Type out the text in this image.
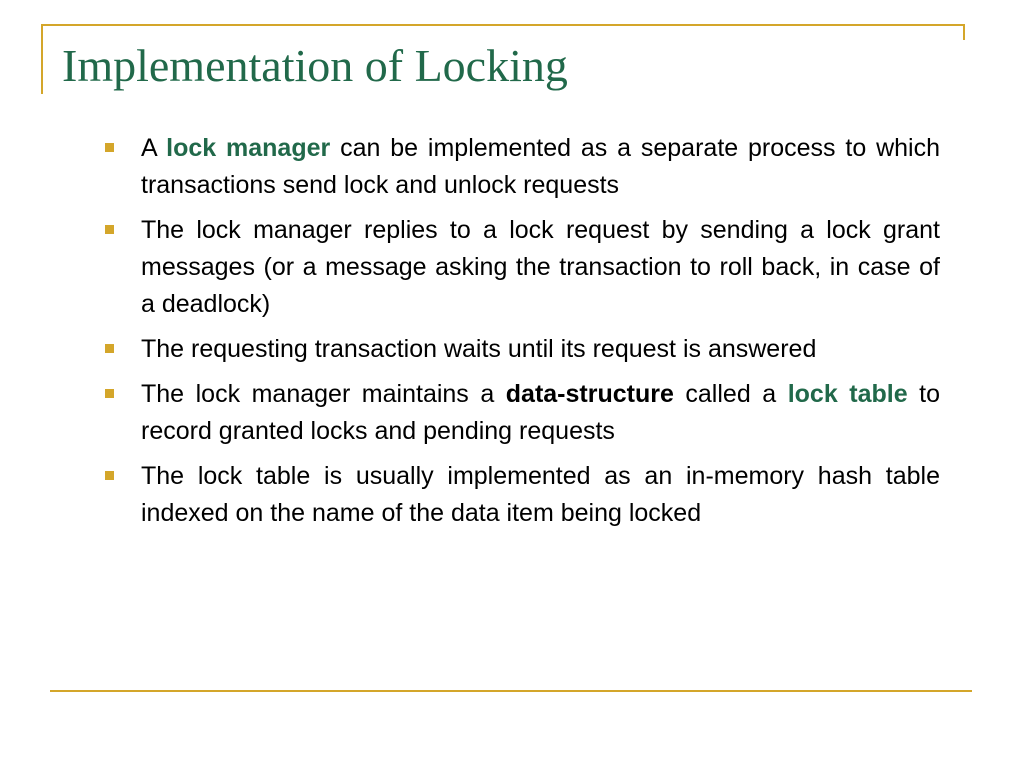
Implementation of Locking
A lock manager can be implemented as a separate process to which transactions send lock and unlock requests
The lock manager replies to a lock request by sending a lock grant messages (or a message asking the transaction to roll back, in case of a deadlock)
The requesting transaction waits until its request is answered
The lock manager maintains a data-structure called a lock table to record granted locks and pending requests
The lock table is usually implemented as an in-memory hash table indexed on the name of the data item being locked
